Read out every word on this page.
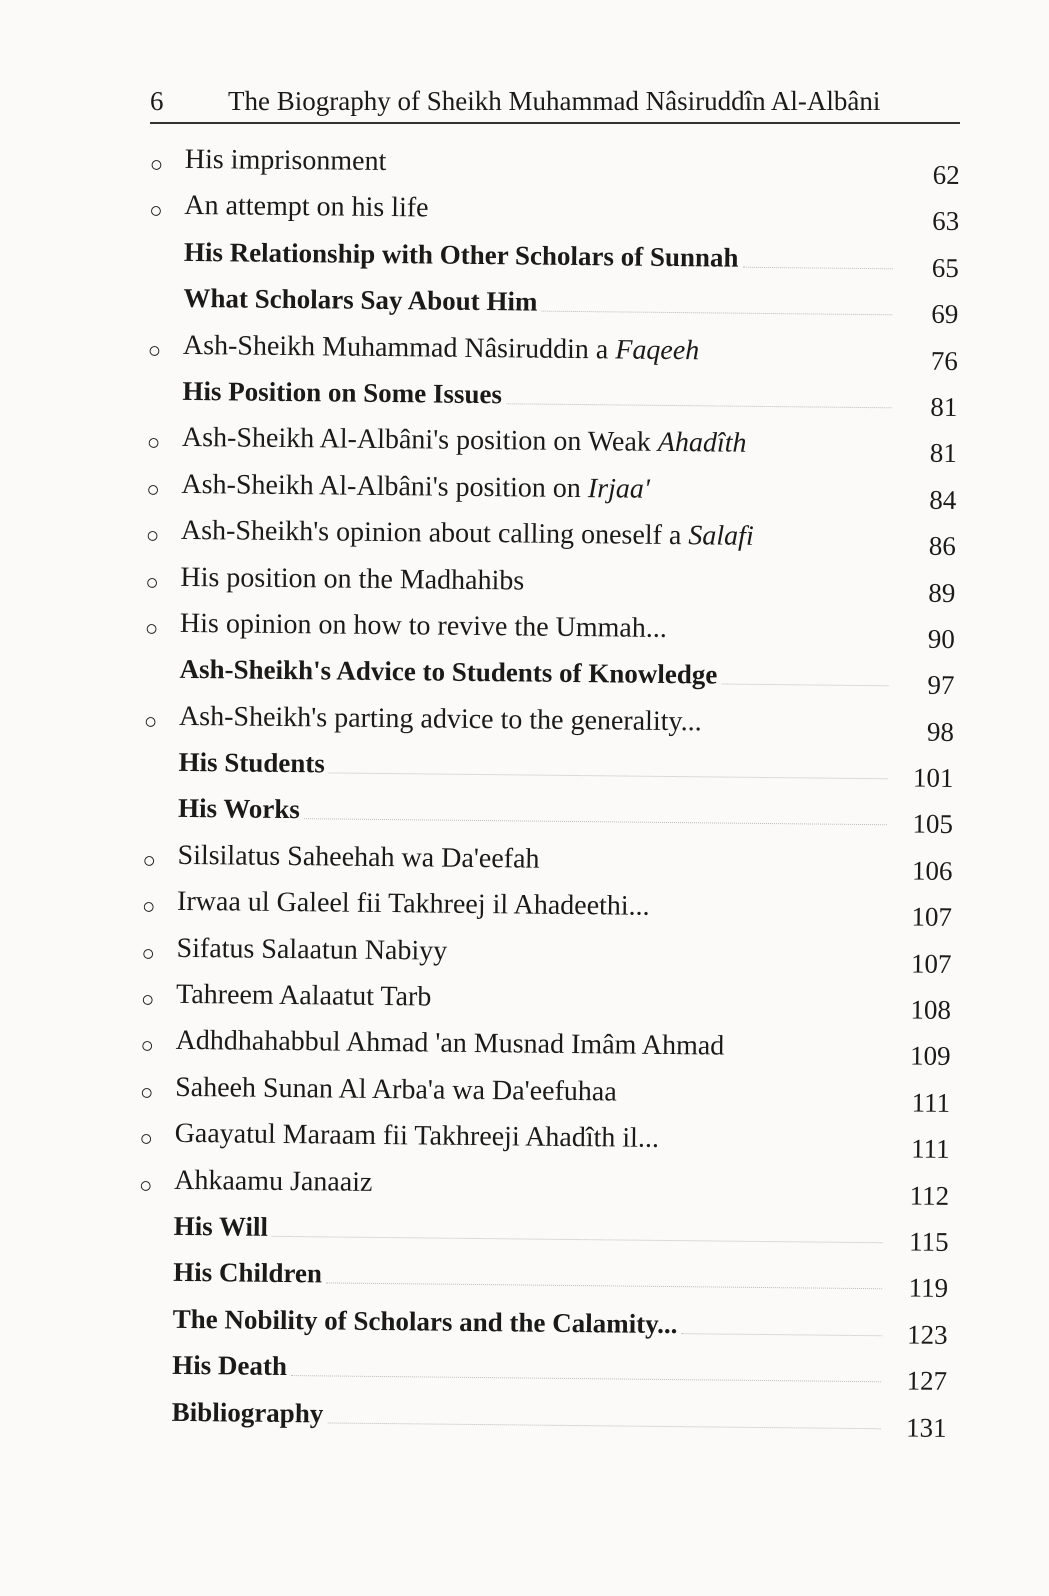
6 The Biography of Sheikh Muhammad Nâsiruddîn Al-Albâni
○ His imprisonment	62
○ An attempt on his life	63
His Relationship with Other Scholars of Sunnah	65
What Scholars Say About Him	69
○ Ash-Sheikh Muhammad Nâsiruddin a Faqeeh	76
His Position on Some Issues	81
○ Ash-Sheikh Al-Albâni's position on Weak Ahadîth	81
○ Ash-Sheikh Al-Albâni's position on Irjaa'	84
○ Ash-Sheikh's opinion about calling oneself a Salafi	86
○ His position on the Madhahibs	89
○ His opinion on how to revive the Ummah...	90
Ash-Sheikh's Advice to Students of Knowledge	97
○ Ash-Sheikh's parting advice to the generality...	98
His Students	101
His Works	105
○ Silsilatus Saheehah wa Da'eefah	106
○ Irwaa ul Galeel fii Takhreej il Ahadeethi...	107
○ Sifatus Salaatun Nabiyy	107
○ Tahreem Aalaatut Tarb	108
○ Adhdhahabbul Ahmad 'an Musnad Imâm Ahmad	109
○ Saheeh Sunan Al Arba'a wa Da'eefuhaa	111
○ Gaayatul Maraam fii Takhreeji Ahadîth il...	111
○ Ahkaamu Janaaiz	112
His Will	115
His Children	119
The Nobility of Scholars and the Calamity...	123
His Death	127
Bibliography	131
